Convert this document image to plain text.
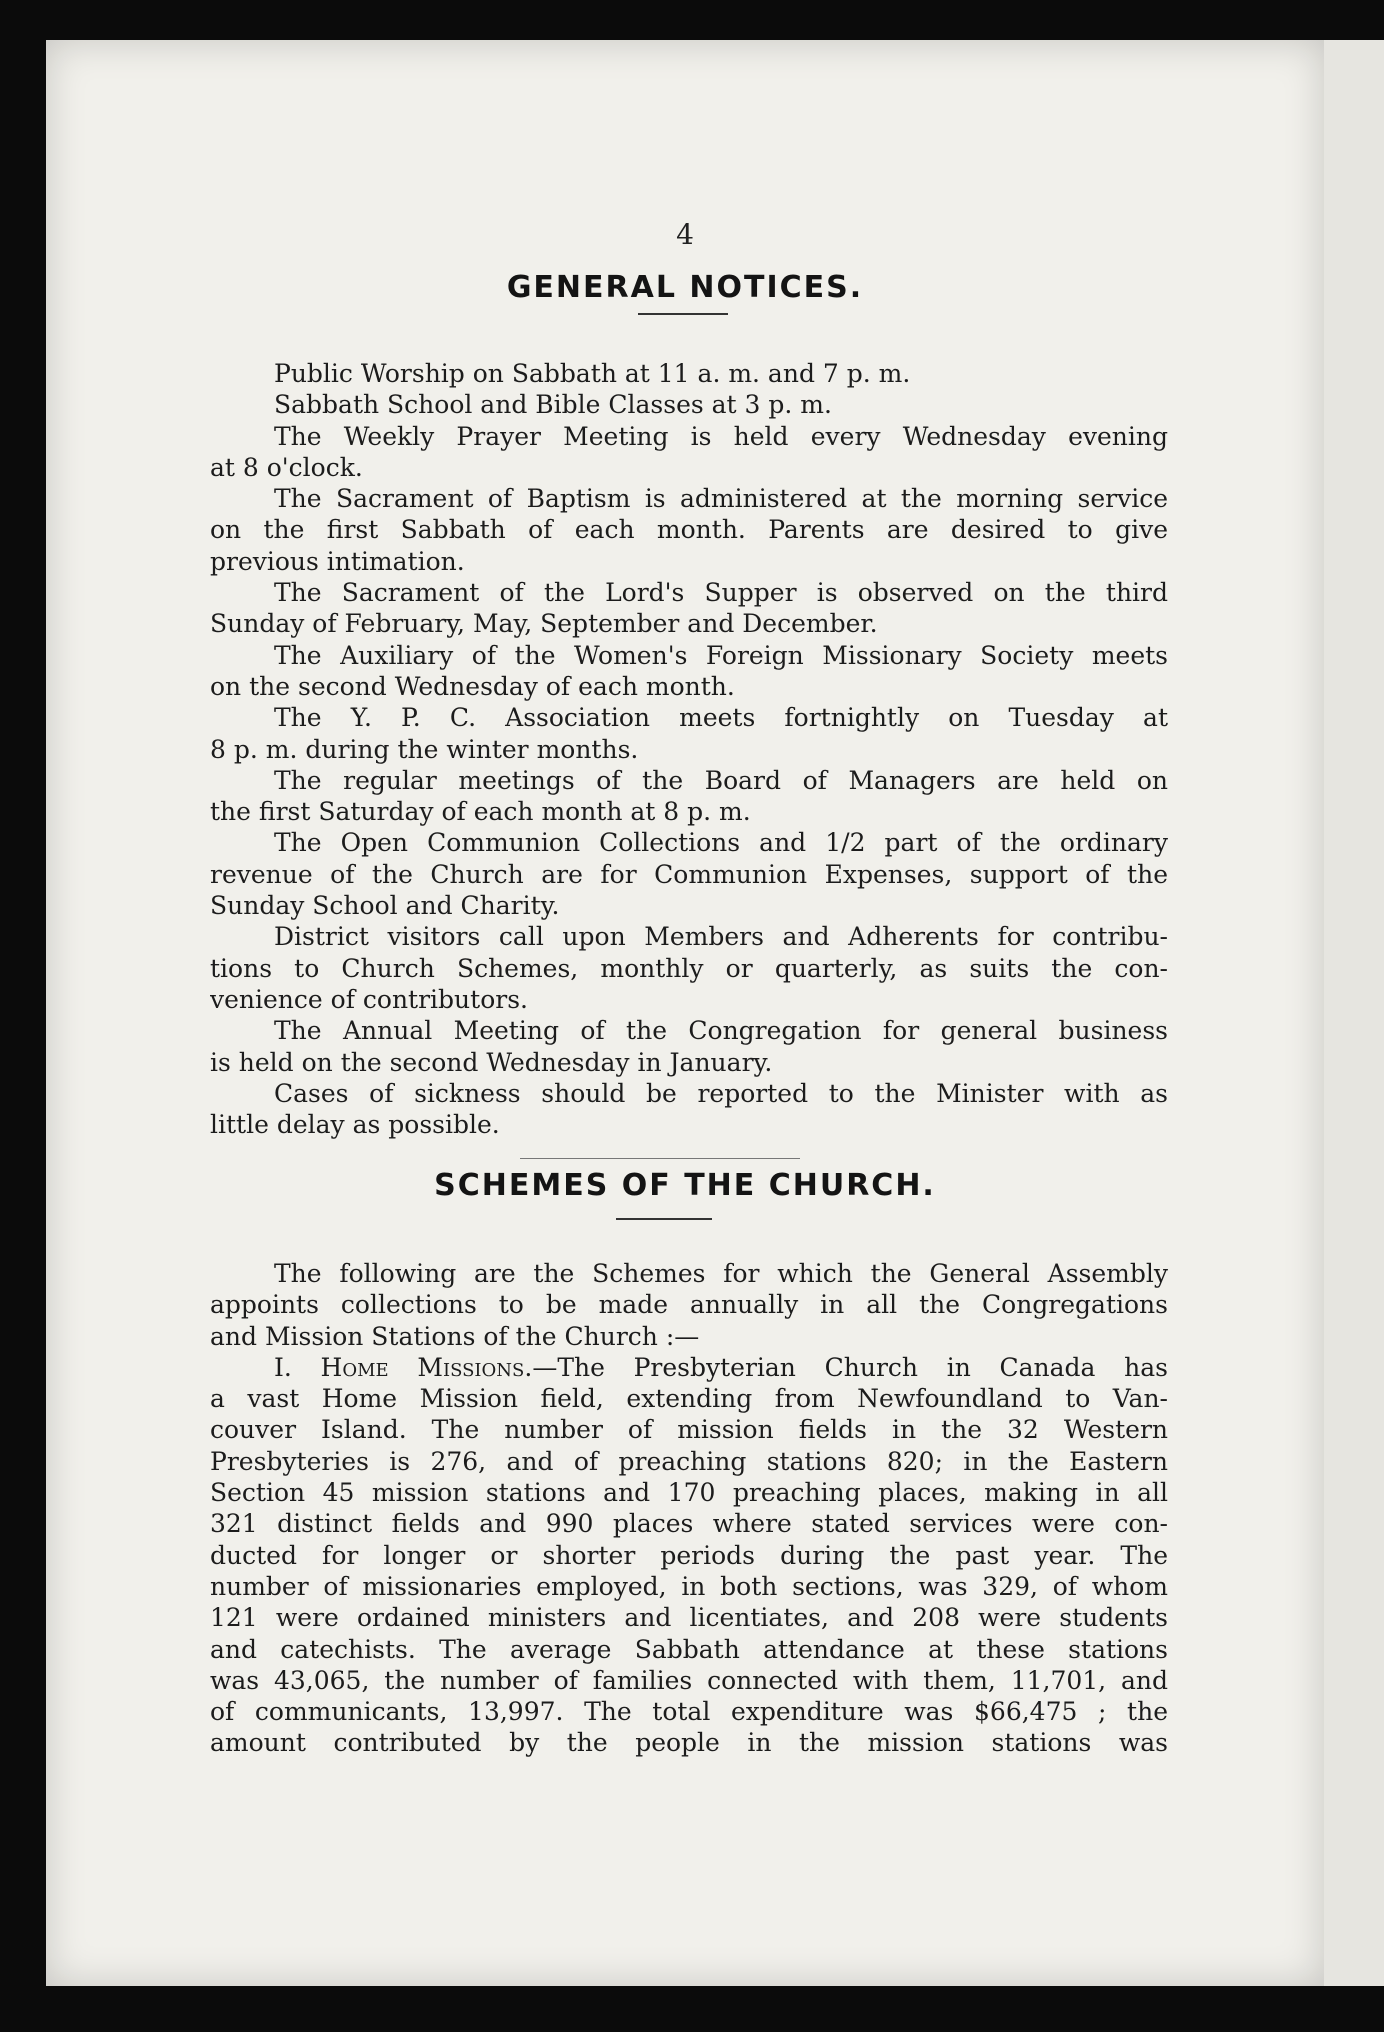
4
GENERAL NOTICES.

Public Worship on Sabbath at 11 a. m. and 7 p. m.

Sabbath School and Bible Classes at 3 p. m.

The Weekly Prayer Meeting is held every Wednesday evening
at 8 o'clock.

The Sacrament of Baptism is administered at the morning service
on the first Sabbath of each month. Parents are desired to give
previous intimation.

The Sacrament of the Lord's Supper is observed on the third
Sunday of February, May, September and December.

The Auxiliary of the Women's Foreign Missionary Society meets
on the second Wednesday of each month.

The Y. P. C. Association meets fortnightly on Tuesday at
8 p. m. during the winter months.

The regular meetings of the Board of Managers are held on
the first Saturday of each month at 8 p. m.

The Open Communion Collections and 1/2 part of the ordinary
revenue of the Church are for Communion Expenses, support of the
Sunday School and Charity.

District visitors call upon Members and Adherents for contribu-
tions to Church Schemes, monthly or quarterly, as suits the con-
venience of contributors.

The Annual Meeting of the Congregation for general business
is held on the second Wednesday in January.

Cases of sickness should be reported to the Minister with as
little delay as possible.

SCHEMES OF THE CHURCH.

The following are the Schemes for which the General Assembly
appoints collections to be made annually in all the Congregations
and Mission Stations of the Church :—

I. Home Missions.—The Presbyterian Church in Canada has
a vast Home Mission field, extending from Newfoundland to Van-
couver Island. The number of mission fields in the 32 Western
Presbyteries is 276, and of preaching stations 820; in the Eastern
Section 45 mission stations and 170 preaching places, making in all
321 distinct fields and 990 places where stated services were con-
ducted for longer or shorter periods during the past year. The
number of missionaries employed, in both sections, was 329, of whom
121 were ordained ministers and licentiates, and 208 were students
and catechists. The average Sabbath attendance at these stations
was 43,065, the number of families connected with them, 11,701, and
of communicants, 13,997. The total expenditure was $66,475 ; the
amount contributed by the people in the mission stations was
